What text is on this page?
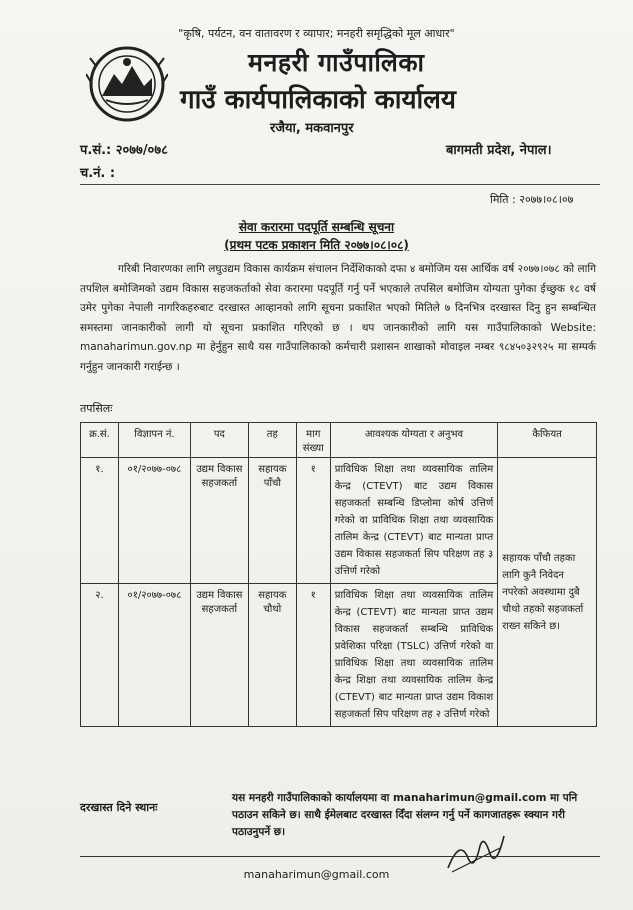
"कृषि, पर्यटन, वन वातावरण र व्यापार; मनहरी समृद्धिको मूल आधार"
मनहरी गाउँपालिका
गाउँ कार्यपालिकाको कार्यालय
रजैया, मकवानपुर
प.सं.: २०७७/०७८	बागमती प्रदेश, नेपाल।
च.नं. :
मिति : २०७७।०८।०७
सेवा करारमा पदपूर्ति सम्बन्धि सूचना
(प्रथम पटक प्रकाशन मिति २०७७।०८।०८)
गरिबी निवारणका लागि लघुउद्यम विकास कार्यक्रम संचालन निर्देशिकाको दफा ४ बमोजिम यस आर्थिक वर्ष २०७७।०७८ को लागि तपशिल बमोजिमको उद्यम विकास सहजकर्ताको सेवा करारमा पदपूर्ति गर्नु पर्ने भएकाले तपसिल बमोजिम योग्यता पुगेका ईच्छुक १८ वर्ष उमेर पुगेका नेपाली नागरिकहरुबाट दरखास्त आव्हानको लागि सूचना प्रकाशित भएको मितिले ७ दिनभित्र दरखास्त दिनु हुन सम्बन्धित समस्तमा जानकारीको लागी यो सूचना प्रकाशित गरिएको छ । थप जानकारीको लागि यस गाउँपालिकाको Website: manaharimun.gov.np मा हेर्नुहुन साथै यस गाउँपालिकाको कर्मचारी प्रशासन शाखाको मोवाइल नम्बर ९८४५०३२९२५ मा सम्पर्क गर्नुहुन जानकारी गराईन्छ ।
तपसिलः
क्र.सं.	विज्ञापन नं.	पद	तह	माग संख्या	आवश्यक योग्यता र अनुभव	कैफियत
१.	०१/२०७७-०७८	उद्यम विकास सहजकर्ता	सहायक पाँचौ	१	प्राविधिक शिक्षा तथा व्यवसायिक तालिम केन्द्र (CTEVT) बाट उद्यम विकास सहजकर्ता सम्बन्धि डिप्लोमा कोर्ष उत्तिर्ण गरेको वा प्राविधिक शिक्षा तथा व्यवसायिक तालिम केन्द्र (CTEVT) बाट मान्यता प्राप्त उद्यम विकास सहजकर्ता सिप परिक्षण तह ३ उत्तिर्ण गरेको	सहायक पाँचौ तहका लागि कुनै निवेदन नपरेको अवस्थामा दुबै चौथो तहको सहजकर्ता राख्न सकिने छ।
२.	०१/२०७७-०७८	उद्यम विकास सहजकर्ता	सहायक चौथो	१	प्राविधिक शिक्षा तथा व्यवसायिक तालिम केन्द्र (CTEVT) बाट मान्यता प्राप्त उद्यम विकास सहजकर्ता सम्बन्धि प्राविधिक प्रवेशिका परिक्षा (TSLC) उत्तिर्ण गरेको वा प्राविधिक शिक्षा तथा व्यवसायिक तालिम केन्द्र शिक्षा तथा व्यवसायिक तालिम केन्द्र (CTEVT) बाट मान्यता प्राप्त उद्यम विकाश सहजकर्ता सिप परिक्षण तह २ उत्तिर्ण गरेको	
दरखास्त दिने स्थानः
यस मनहरी गाउँपालिकाको कार्यालयमा वा manaharimun@gmail.com मा पनि पठाउन सकिने छ। साथै ईमेलबाट दरखास्त दिँदा संलग्न गर्नु पर्ने कागजातहरू स्क्यान गरी पठाउनुपर्ने छ।
manaharimun@gmail.com
